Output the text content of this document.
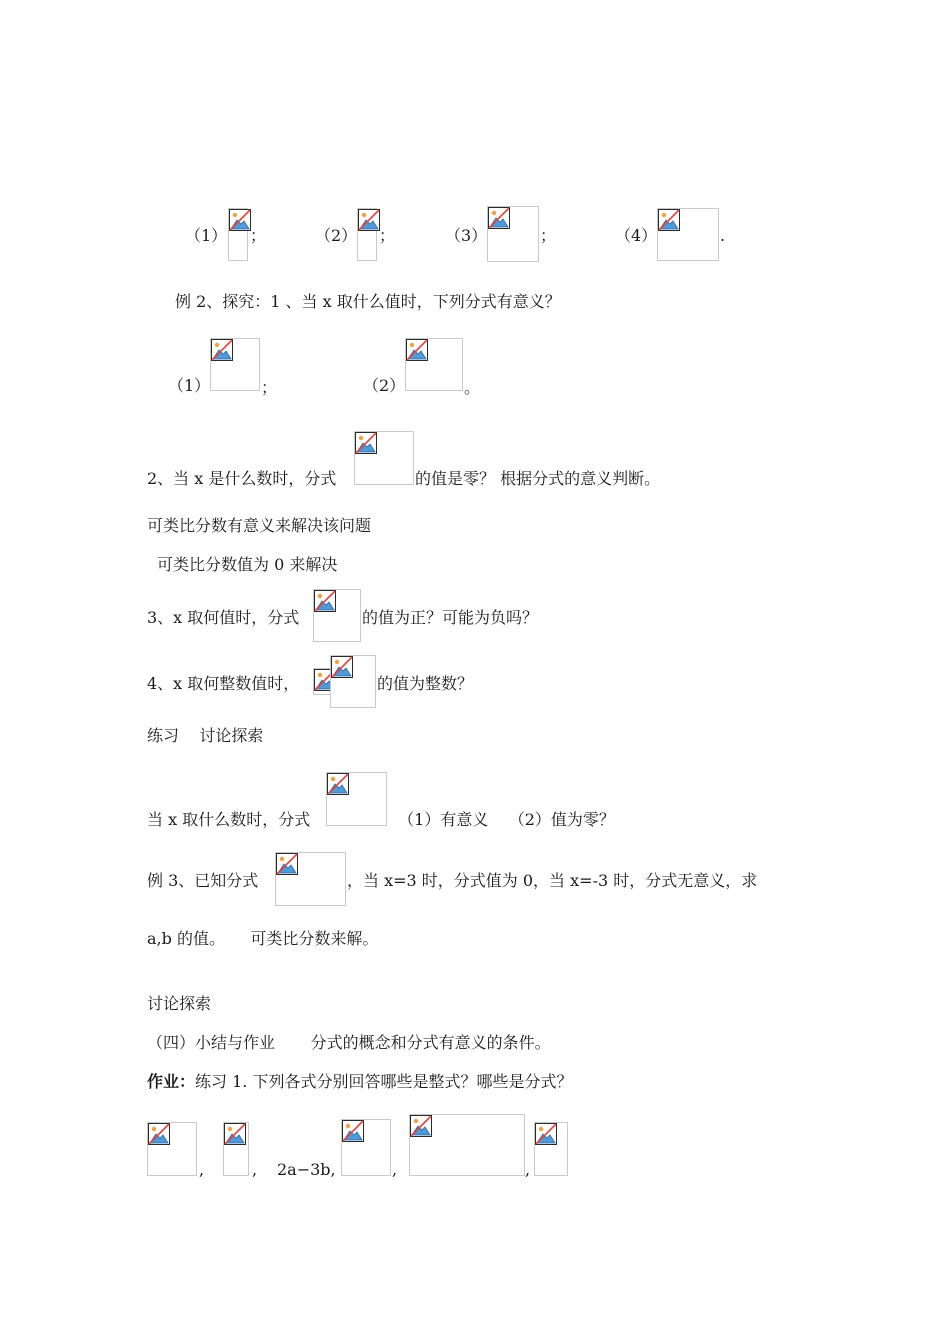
（1） ；	（2） ；	（3）	；	（4）	.
例 2、探究：1 、当 x 取什么值时，下列分式有意义？
（1）	；	（2）	。
2、当 x 是什么数时，分式	的值是零？ 根据分式的意义判断。
可类比分数有意义来解决该问题
可类比分数值为 0 来解决
3、x 取何值时，分式	的值为正？可能为负吗？
4、x 取何整数值时，	的值为整数？
练习    讨论探索
当 x 取什么数时，分式	（1）有意义    （2）值为零？
例 3、已知分式	，当 x=3 时，分式值为 0，当 x=-3 时，分式无意义，求
a,b 的值。     可类比分数来解。
讨论探索
（四）小结与作业       分式的概念和分式有意义的条件。
作业：练习 1. 下列各式分别回答哪些是整式？哪些是分式？
,	, 2a−3b,	,	,
